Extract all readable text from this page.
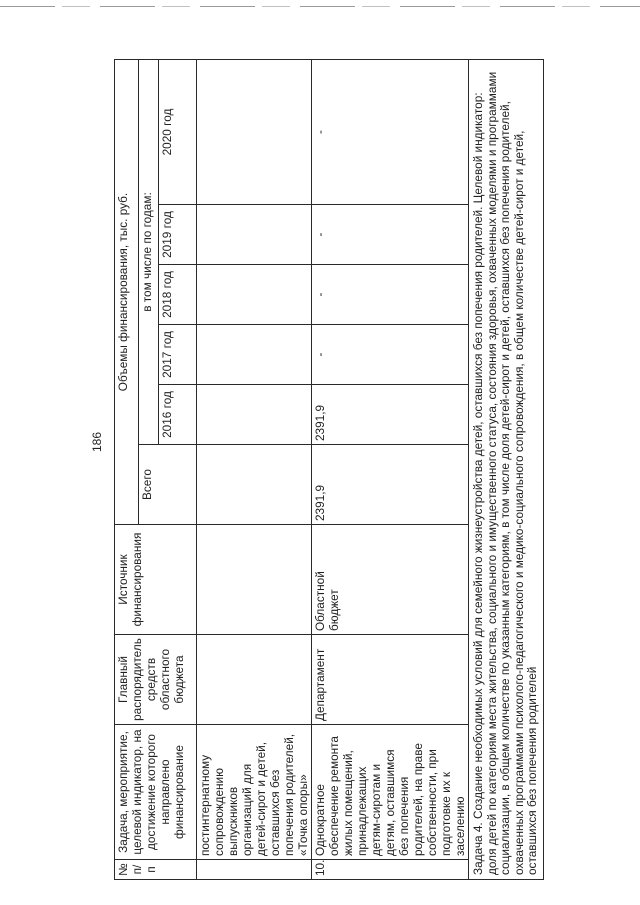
186
№ п/п	Задача, мероприятие, целевой индикатор, на достижение которого направлено финансирование	Главный распорядитель средств областного бюджета	Источник финансирования	Объемы финансирования, тыс. руб.					
				Всего	в том числе по годам:				
					2016 год	2017 год	2018 год	2019 год	2020 год
	постинтернатному сопровождению выпускников организаций для детей-сирот и детей, оставшихся без попечения родителей, «Точка опоры»								
10.	Однократное обеспечение ремонта жилых помещений, принадлежащих детям-сиротам и детям, оставшимся без попечения родителей, на праве собственности, при подготовке их к заселению	Департамент	Областной бюджет	2391,9	2391,9	-	-	-	-
Задача 4. Создание необходимых условий для семейного жизнеустройства детей, оставшихся без попечения родителей. Целевой индикатор: доля детей по категориям места жительства, социального и имущественного статуса, состояния здоровья, охваченных моделями и программами социализации, в общем количестве по указанным категориям, в том числе доля детей-сирот и детей, оставшихся без попечения родителей, охваченных программами психолого-педагогического и медико-социального сопровождения, в общем количестве детей-сирот и детей, оставшихся без попечения родителей									
